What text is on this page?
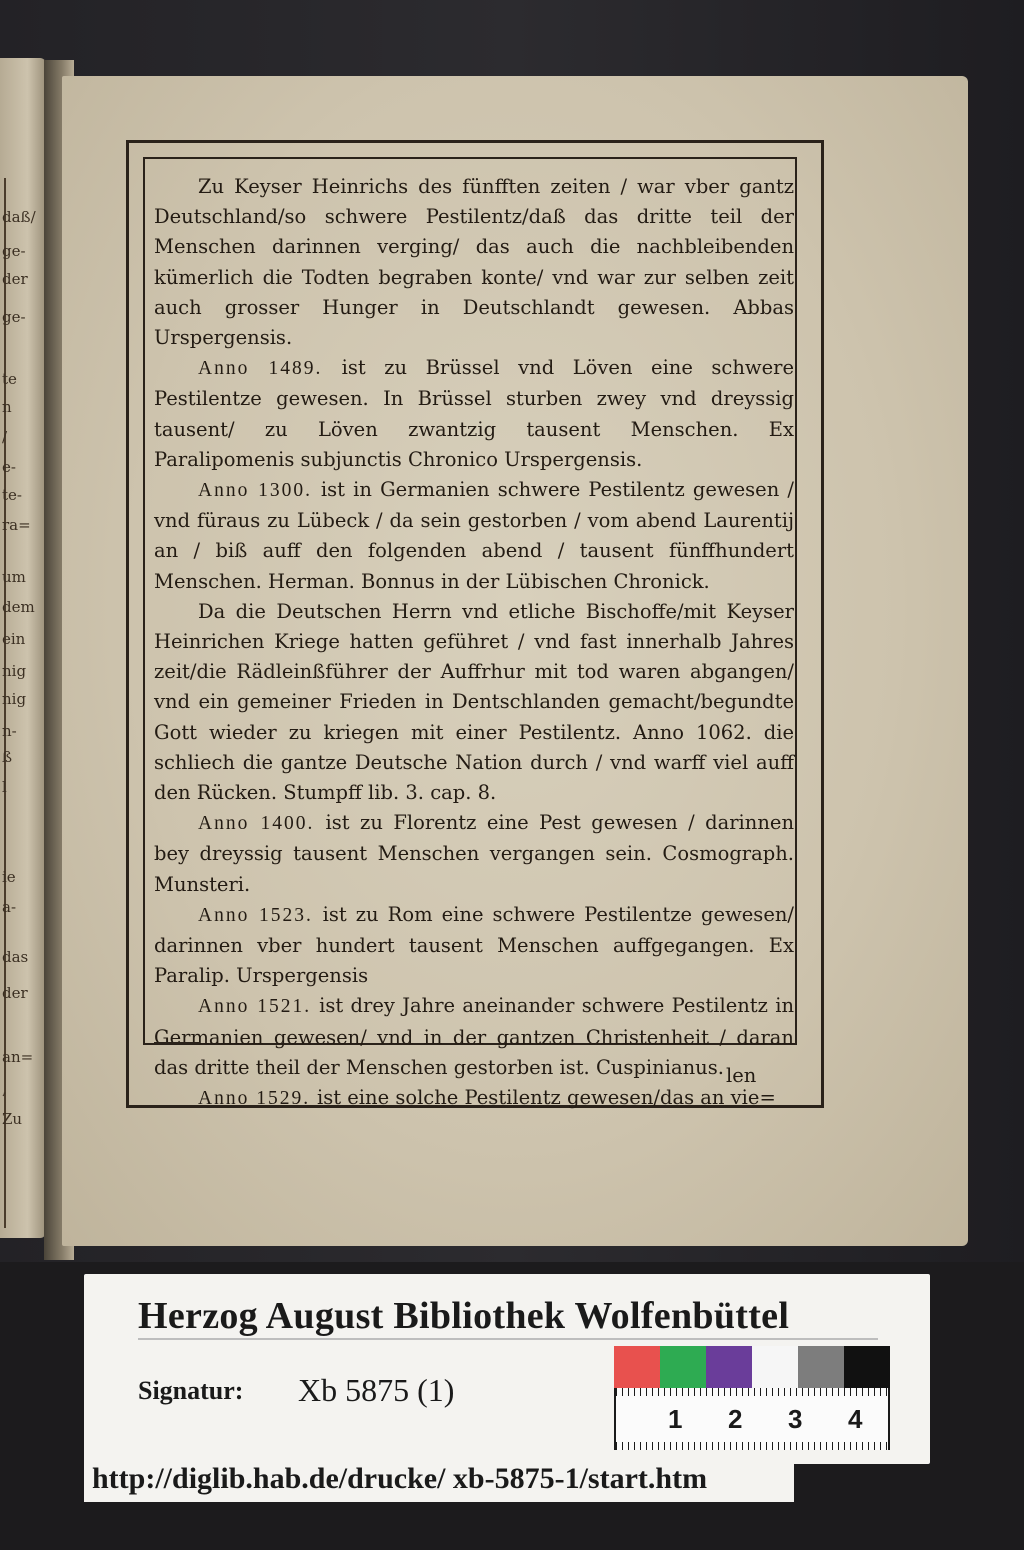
daß/
ge-
der
ge-
te
n
/
e-
te-
ra=
um
dem
ein
nig
nig
n-
ß
l
ie
a-
das
der
an=
,
Zu

Zu Keyser Heinrichs des fünfften zeiten / war vber gantz Deutschland/so schwere Pestilentz/daß das dritte teil der Menschen darinnen verging/ das auch die nachbleibenden kümerlich die Todten begraben konte/ vnd war zur selben zeit auch grosser Hunger in Deutschlandt gewesen. Abbas Urspergensis.

Anno 1489. ist zu Brüssel vnd Löven eine schwere Pestilentze gewesen. In Brüssel sturben zwey vnd dreyssig tausent/ zu Löven zwantzig tausent Menschen. Ex Paralipomenis subjunctis Chronico Urspergensis.

Anno 1300. ist in Germanien schwere Pestilentz gewesen / vnd füraus zu Lübeck / da sein gestorben / vom abend Laurentij an / biß auff den folgenden abend / tausent fünffhundert Menschen. Herman. Bonnus in der Lübischen Chronick.

Da die Deutschen Herrn vnd etliche Bischoffe/mit Keyser Heinrichen Kriege hatten geführet / vnd fast innerhalb Jahres zeit/die Rädleinßführer der Auffrhur mit tod waren abgangen/ vnd ein gemeiner Frieden in Dentschlanden gemacht/begundte Gott wieder zu kriegen mit einer Pestilentz. Anno 1062. die schliech die gantze Deutsche Nation durch / vnd warff viel auff den Rücken. Stumpff lib. 3. cap. 8.

Anno 1400. ist zu Florentz eine Pest gewesen / darinnen bey dreyssig tausent Menschen vergangen sein. Cosmograph. Munsteri.

Anno 1523. ist zu Rom eine schwere Pestilentze gewesen/ darinnen vber hundert tausent Menschen auffgegangen. Ex Paralip. Urspergensis

Anno 1521. ist drey Jahre aneinander schwere Pestilentz in Germanien gewesen/ vnd in der gantzen Christenheit / daran das dritte theil der Menschen gestorben ist. Cuspinianus.

Anno 1529. ist eine solche Pestilentz gewesen/das an vie=

len
Herzog August Bibliothek Wolfenbüttel
Signatur: Xb 5875 (1)
1 2 3 4
http://diglib.hab.de/drucke/ xb-5875-1/start.htm
